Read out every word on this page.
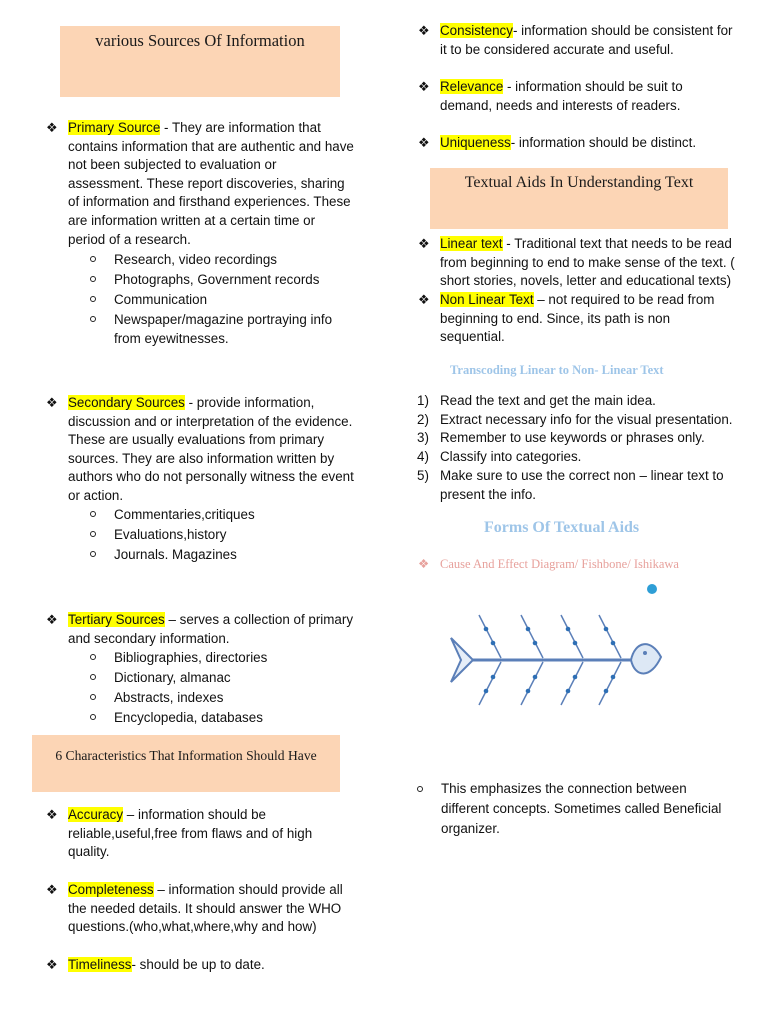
various Sources Of Information
❖ Primary Source - They are information that
contains information that are authentic and have
not been subjected to evaluation or
assessment. These report discoveries, sharing
of information and firsthand experiences. These
are information written at a certain time or
period of a research.
Research, video recordings
Photographs, Government records
Communication
Newspaper/magazine portraying info
from eyewitnesses.
❖ Secondary Sources - provide information,
discussion and or interpretation of the evidence.
These are usually evaluations from primary
sources. They are also information written by
authors who do not personally witness the event
or action.
Commentaries,critiques
Evaluations,history
Journals. Magazines
❖ Tertiary Sources – serves a collection of primary
and secondary information.
Bibliographies, directories
Dictionary, almanac
Abstracts, indexes
Encyclopedia, databases
6 Characteristics That Information Should Have
❖ Accuracy – information should be
reliable,useful,free from flaws and of high
quality.
❖ Completeness – information should provide all
the needed details. It should answer the WHO
questions.(who,what,where,why and how)
❖ Timeliness- should be up to date.
❖ Consistency- information should be consistent for
it to be considered accurate and useful.
❖ Relevance - information should be suit to
demand, needs and interests of readers.
❖ Uniqueness- information should be distinct.
Textual Aids In Understanding Text
❖ Linear text - Traditional text that needs to be read
from beginning to end to make sense of the text. (
short stories, novels, letter and educational texts)
❖ Non Linear Text – not required to be read from
beginning to end. Since, its path is non
sequential.
Transcoding Linear to Non- Linear Text
1) Read the text and get the main idea.
2) Extract necessary info for the visual presentation.
3) Remember to use keywords or phrases only.
4) Classify into categories.
5) Make sure to use the correct non – linear text to
present the info.
Forms Of Textual Aids
❖ Cause And Effect Diagram/ Fishbone/ Ishikawa
This emphasizes the connection between
different concepts. Sometimes called Beneficial
organizer.
